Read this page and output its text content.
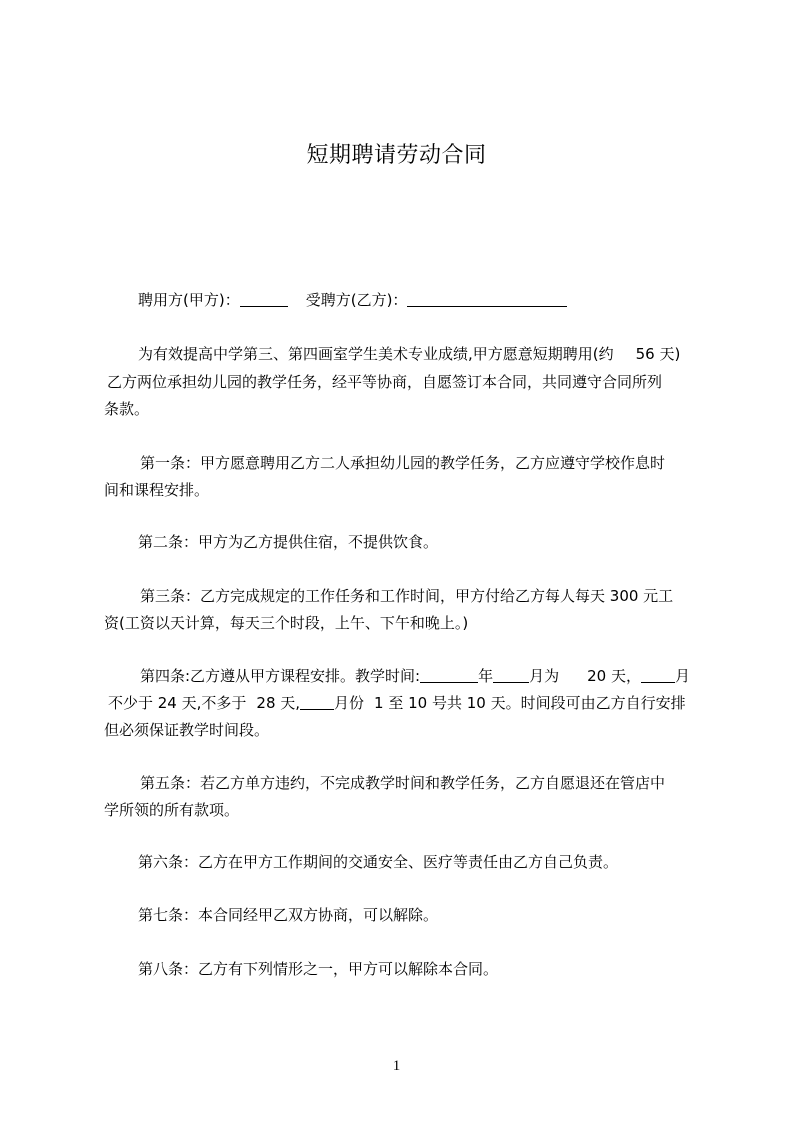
短期聘请劳动合同
聘用方(甲方)：	受聘方(乙方)：
为有效提高中学第三、第四画室学生美术专业成绩,甲方愿意短期聘用(约 56 天)
乙方两位承担幼儿园的教学任务，经平等协商，自愿签订本合同，共同遵守合同所列
条款。
第一条：甲方愿意聘用乙方二人承担幼儿园的教学任务，乙方应遵守学校作息时
间和课程安排。
第二条：甲方为乙方提供住宿，不提供饮食。
第三条：乙方完成规定的工作任务和工作时间，甲方付给乙方每人每天 300 元工
资(工资以天计算，每天三个时段，上午、下午和晚上。)
第四条:乙方遵从甲方课程安排。教学时间:	年 月为 20 天， 月
不少于 24 天,不多于 28 天, 月份 1 至 10 号共 10 天。时间段可由乙方自行安排
但必须保证教学时间段。
第五条：若乙方单方违约，不完成教学时间和教学任务，乙方自愿退还在管店中
学所领的所有款项。
第六条：乙方在甲方工作期间的交通安全、医疗等责任由乙方自己负责。
第七条：本合同经甲乙双方协商，可以解除。
第八条：乙方有下列情形之一，甲方可以解除本合同。
1
